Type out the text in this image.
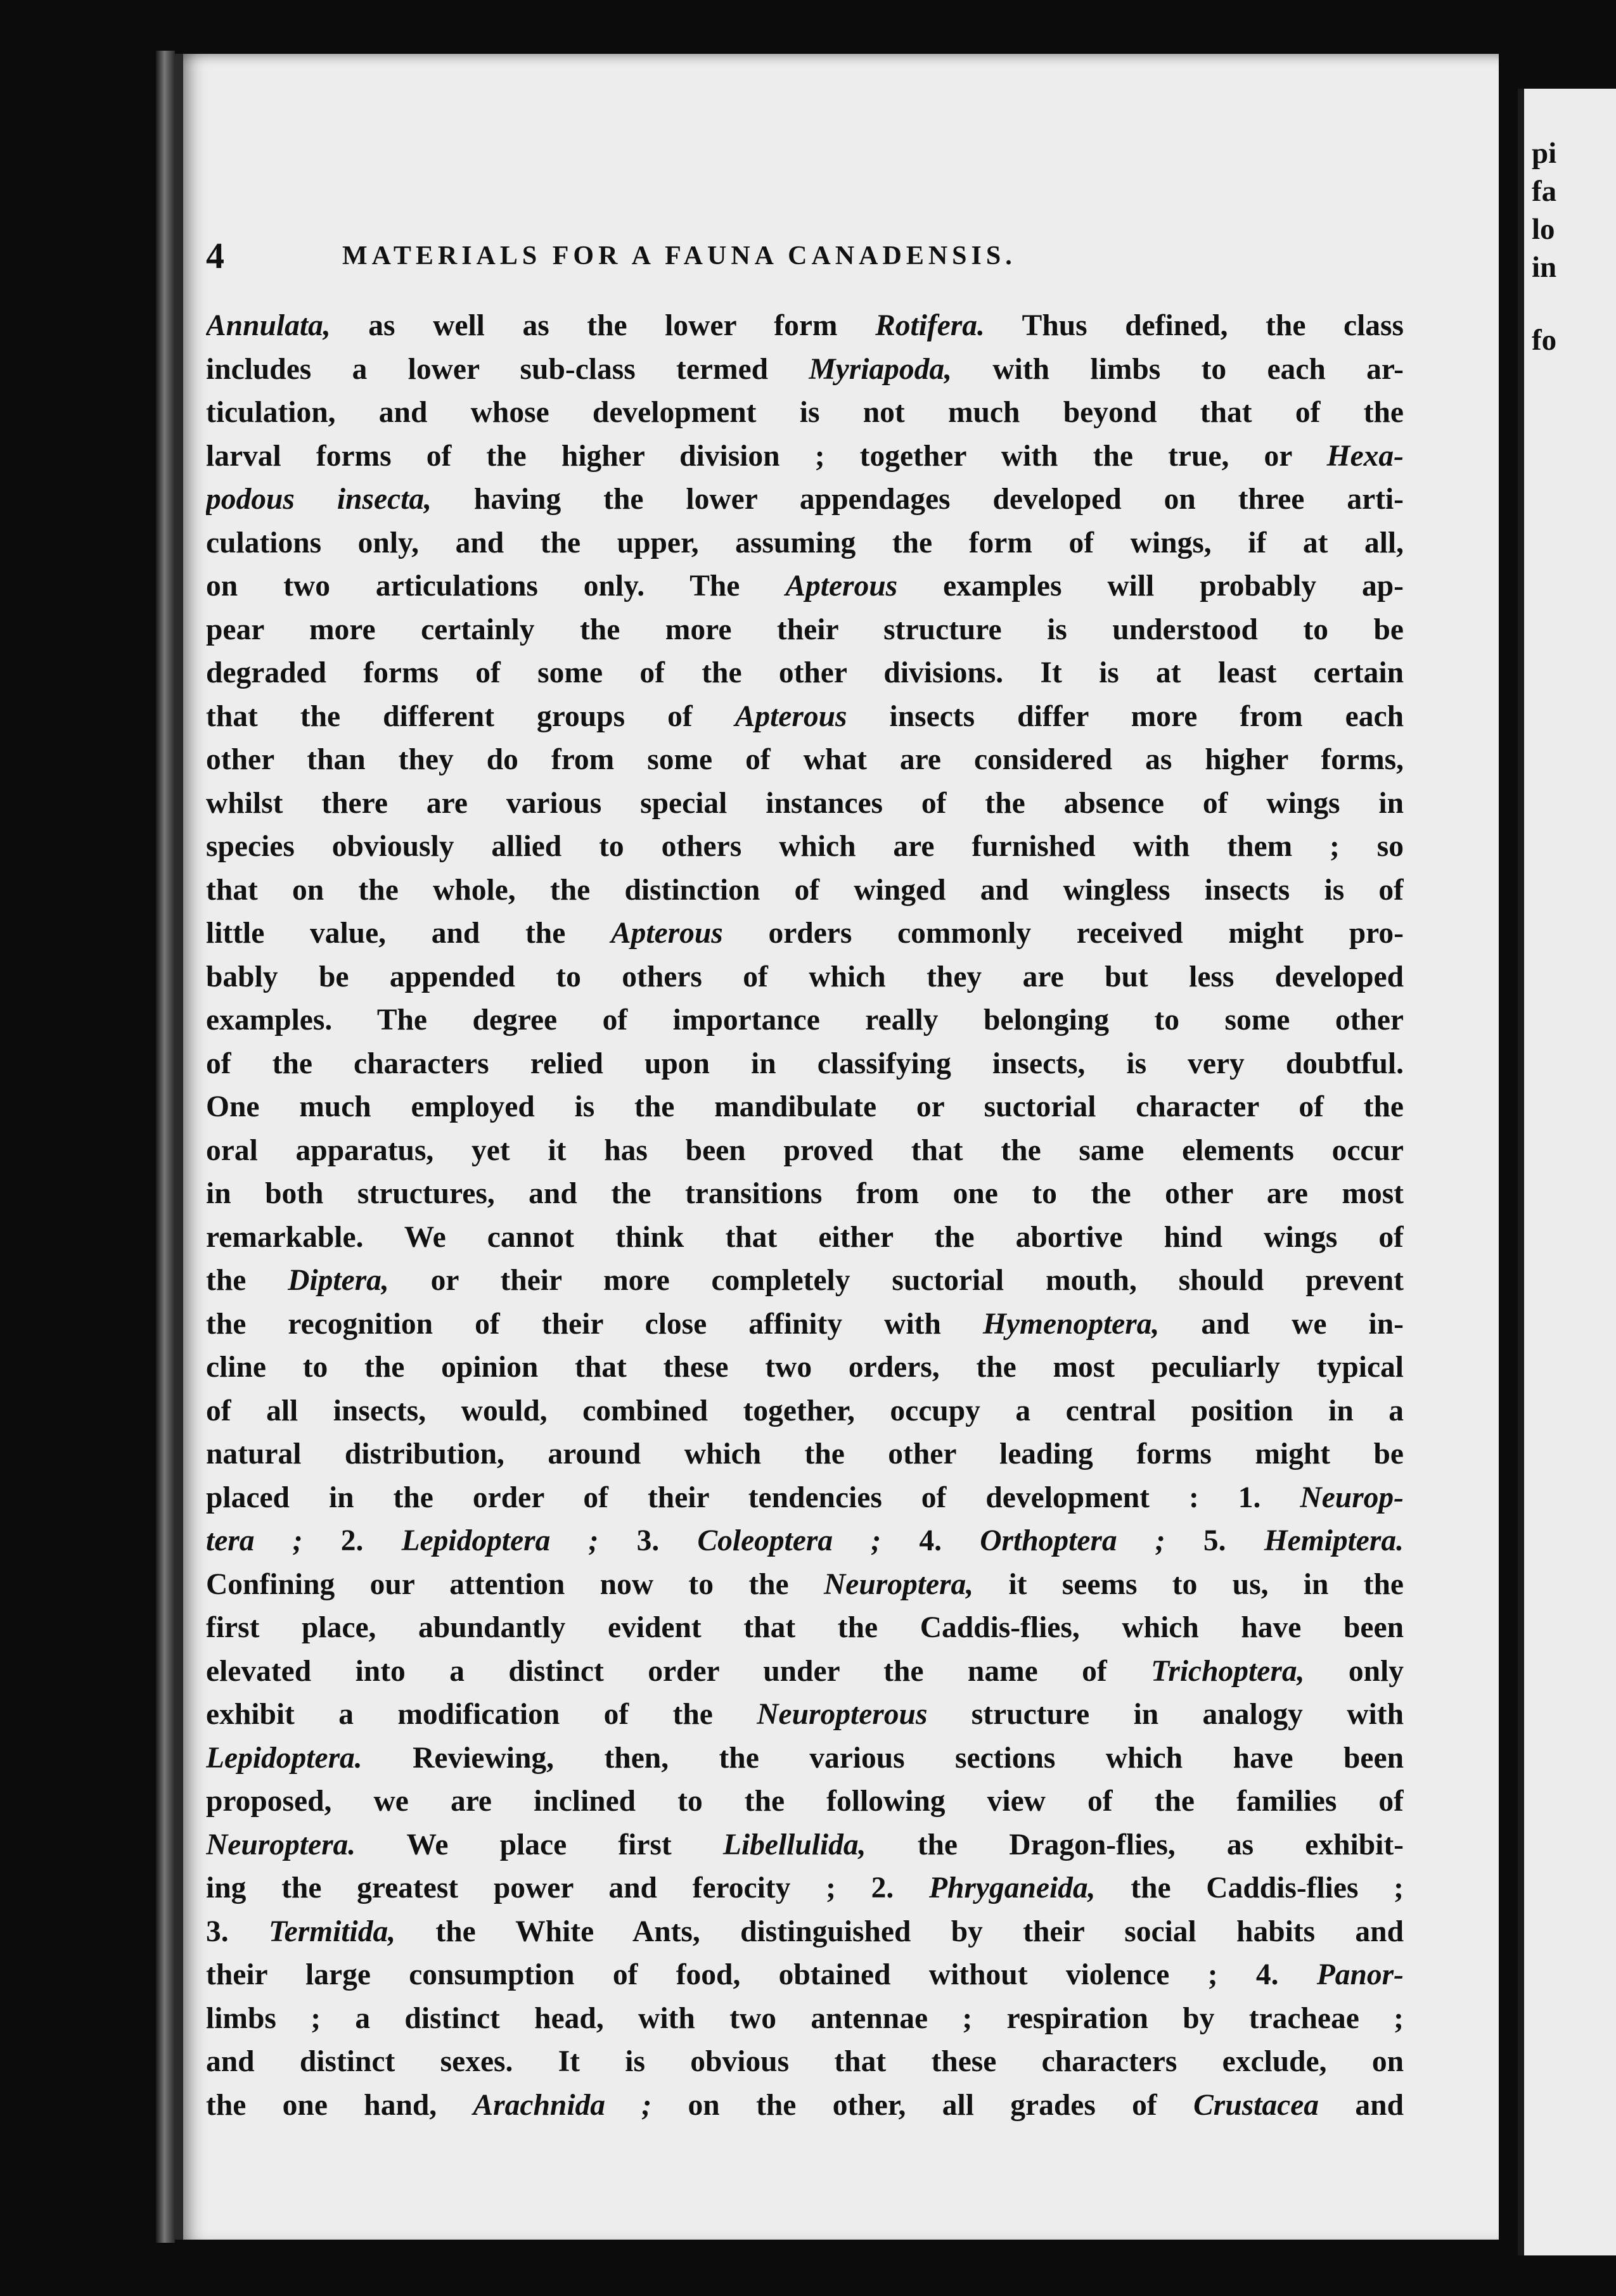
4	MATERIALS FOR A FAUNA CANADENSIS.
Annulata, as well as the lower form Rotifera. Thus defined, the class
includes a lower sub-class termed Myriapoda, with limbs to each ar-
ticulation, and whose development is not much beyond that of the
larval forms of the higher division ; together with the true, or Hexa-
podous insecta, having the lower appendages developed on three arti-
culations only, and the upper, assuming the form of wings, if at all,
on two articulations only. The Apterous examples will probably ap-
pear more certainly the more their structure is understood to be
degraded forms of some of the other divisions. It is at least certain
that the different groups of Apterous insects differ more from each
other than they do from some of what are considered as higher forms,
whilst there are various special instances of the absence of wings in
species obviously allied to others which are furnished with them ; so
that on the whole, the distinction of winged and wingless insects is of
little value, and the Apterous orders commonly received might pro-
bably be appended to others of which they are but less developed
examples. The degree of importance really belonging to some other
of the characters relied upon in classifying insects, is very doubtful.
One much employed is the mandibulate or suctorial character of the
oral apparatus, yet it has been proved that the same elements occur
in both structures, and the transitions from one to the other are most
remarkable. We cannot think that either the abortive hind wings of
the Diptera, or their more completely suctorial mouth, should prevent
the recognition of their close affinity with Hymenoptera, and we in-
cline to the opinion that these two orders, the most peculiarly typical
of all insects, would, combined together, occupy a central position in a
natural distribution, around which the other leading forms might be
placed in the order of their tendencies of development : 1. Neurop-
tera ; 2. Lepidoptera ; 3. Coleoptera ; 4. Orthoptera ; 5. Hemiptera.
Confining our attention now to the Neuroptera, it seems to us, in the
first place, abundantly evident that the Caddis-flies, which have been
elevated into a distinct order under the name of Trichoptera, only
exhibit a modification of the Neuropterous structure in analogy with
Lepidoptera. Reviewing, then, the various sections which have been
proposed, we are inclined to the following view of the families of
Neuroptera. We place first Libellulida, the Dragon-flies, as exhibit-
ing the greatest power and ferocity ; 2. Phryganeida, the Caddis-flies ;
3. Termitida, the White Ants, distinguished by their social habits and
their large consumption of food, obtained without violence ; 4. Panor-
limbs ; a distinct head, with two antennae ; respiration by tracheae ;
and distinct sexes. It is obvious that these characters exclude, on
the one hand, Arachnida ; on the other, all grades of Crustacea and
pi
fa
lo
in
fo
